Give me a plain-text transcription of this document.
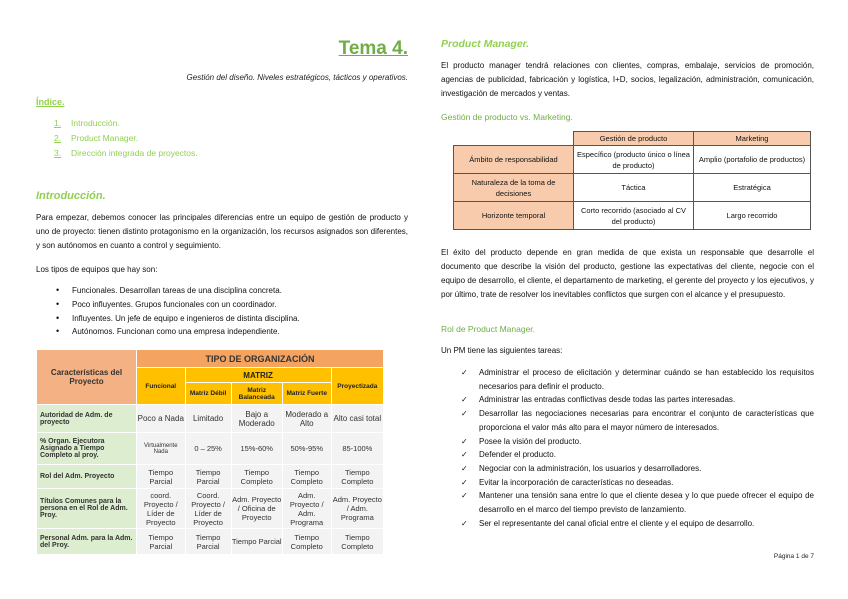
Tema 4.
Gestión del diseño. Niveles estratégicos, tácticos y operativos.
Índice.
1. Introducción.
2. Product Manager.
3. Dirección integrada de proyectos.
Introducción.

Para empezar, debemos conocer las principales diferencias entre un equipo de gestión de producto y uno de proyecto: tienen distinto protagonismo en la organización, los recursos asignados son diferentes, y son autónomos en cuanto a control y seguimiento.

Los tipos de equipos que hay son:

• Funcionales. Desarrollan tareas de una disciplina concreta.
• Poco influyentes. Grupos funcionales con un coordinador.
• Influyentes. Un jefe de equipo e ingenieros de distinta disciplina.
• Autónomos. Funcionan como una empresa independiente.
Características del Proyecto	TIPO DE ORGANIZACIÓN				
	Funcional	MATRIZ			Proyectizada
		Matriz Débil	Matriz Balanceada	Matriz Fuerte	
Autoridad de Adm. de proyecto	Poco a Nada	Limitado	Bajo a Moderado	Moderado a Alto	Alto casi total
% Organ. Ejecutora Asignado a Tiempo Completo al proy.	Virtualmente Nada	0 – 25%	15%-60%	50%-95%	85-100%
Rol del Adm. Proyecto	Tiempo Parcial	Tiempo Parcial	Tiempo Completo	Tiempo Completo	Tiempo Completo
Títulos Comunes para la persona en el Rol de Adm. Proy.	coord. Proyecto / Líder de Proyecto	Coord. Proyecto / Líder de Proyecto	Adm. Proyecto / Oficina de Proyecto	Adm. Proyecto / Adm. Programa	Adm. Proyecto / Adm. Programa
Personal Adm. para la Adm. del Proy.	Tiempo Parcial	Tiempo Parcial	Tiempo Parcial	Tiempo Completo	Tiempo Completo
Product Manager.

El producto manager tendrá relaciones con clientes, compras, embalaje, servicios de promoción, agencias de publicidad, fabricación y logística, I+D, socios, legalización, administración, comunicación, investigación de mercados y ventas.

Gestión de producto vs. Marketing.
	Gestión de producto	Marketing
Ámbito de responsabilidad	Específico (producto único o línea de producto)	Amplio (portafolio de productos)
Naturaleza de la toma de decisiones	Táctica	Estratégica
Horizonte temporal	Corto recorrido (asociado al CV del producto)	Largo recorrido

El éxito del producto depende en gran medida de que exista un responsable que desarrolle el documento que describe la visión del producto, gestione las expectativas del cliente, negocie con el equipo de desarrollo, el cliente, el departamento de marketing, el gerente del proyecto y los ejecutivos, y por último, trate de resolver los inevitables conflictos que surgen con el alcance y el presupuesto.

Rol de Product Manager.

Un PM tiene las siguientes tareas:

✓ Administrar el proceso de elicitación y determinar cuándo se han establecido los requisitos necesarios para definir el producto.
✓ Administrar las entradas conflictivas desde todas las partes interesadas.
✓ Desarrollar las negociaciones necesarias para encontrar el conjunto de características que proporciona el valor más alto para el mayor número de interesados.
✓ Posee la visión del producto.
✓ Defender el producto.
✓ Negociar con la administración, los usuarios y desarrolladores.
✓ Evitar la incorporación de características no deseadas.
✓ Mantener una tensión sana entre lo que el cliente desea y lo que puede ofrecer el equipo de desarrollo en el marco del tiempo previsto de lanzamiento.
✓ Ser el representante del canal oficial entre el cliente y el equipo de desarrollo.
Página 1 de 7
